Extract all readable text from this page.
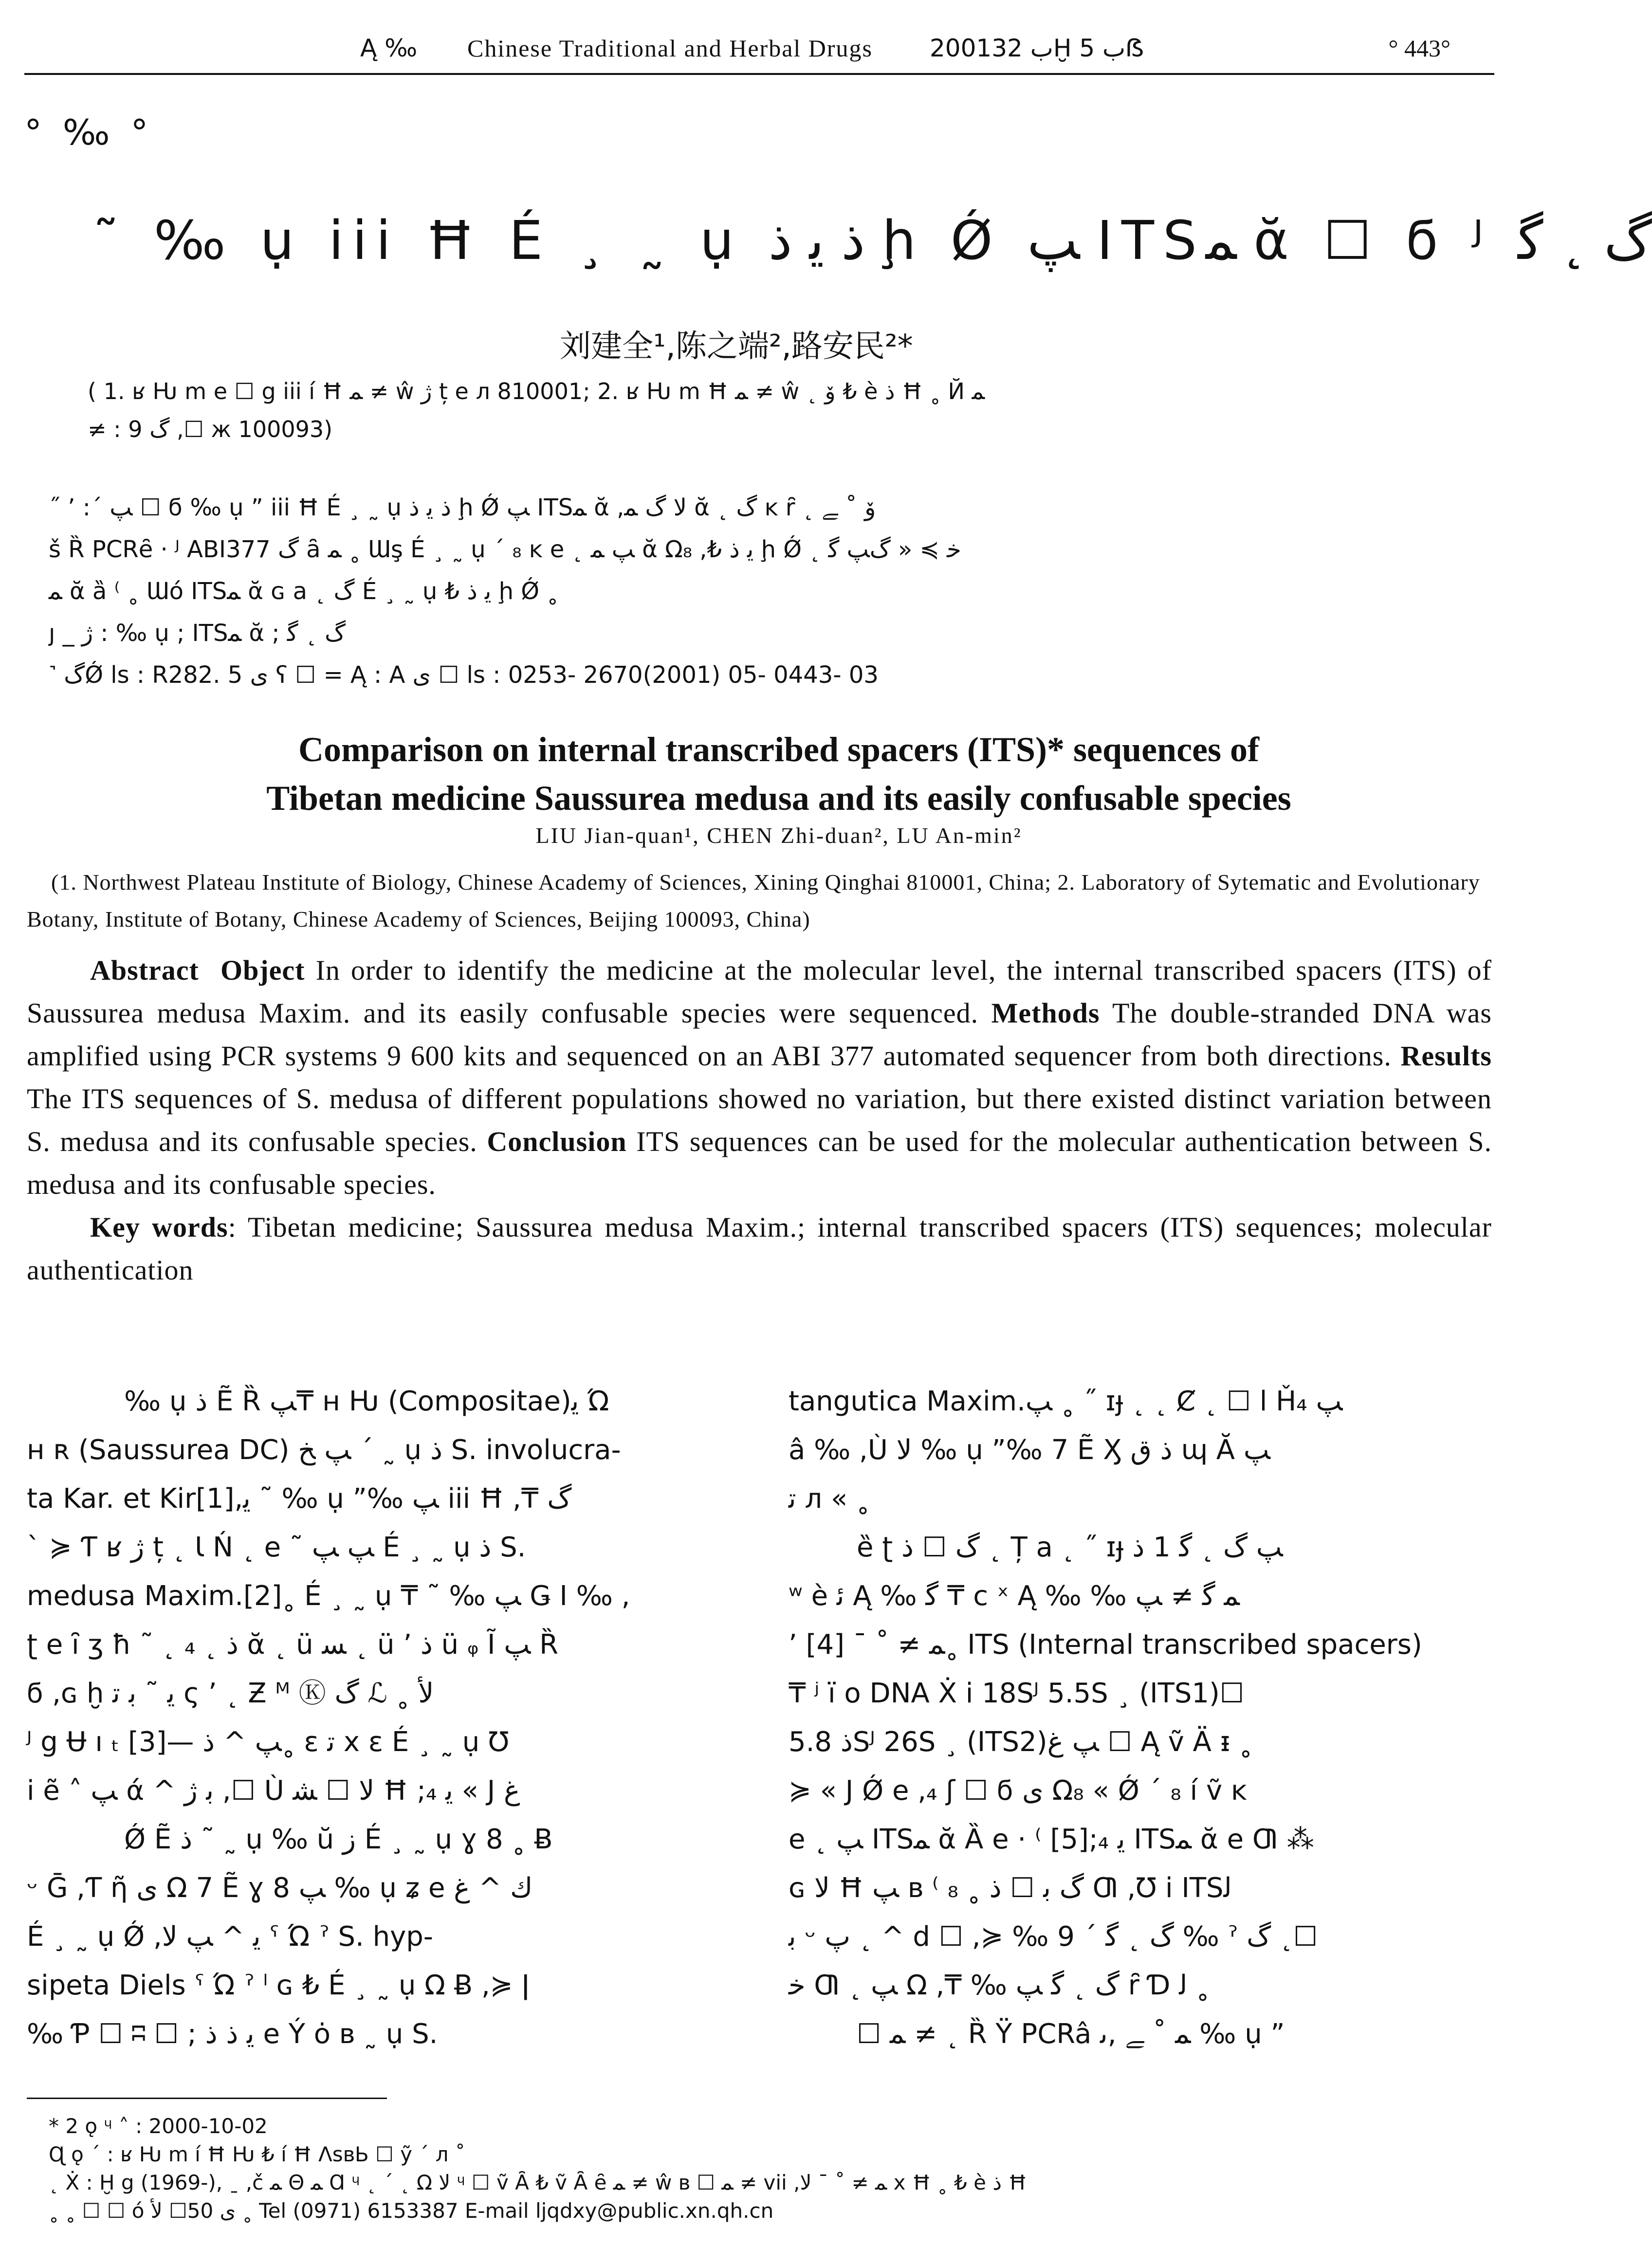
Ą ‰ Chinese Traditional and Herbal Drugs 2001ب 32Ḫ ب 5ẞ	° 443°
° ‰ °
˜ ‰ ụ iii Ħ É ¸ ˷ ụ ﺫ ﻳ ﺫ ḩ Ǿ ﭗ ITSﻤ ᾰ ☐ ϭ ᴶ ﮒ ˛ ﮔ
刘建全¹,陈之端²,路安民²*
( 1. ʁ Ƕ m e ☐ g iii í Ħ ﻤ ≠ ŵ ﮊ ț e л 810001; 2. ʁ Ƕ m Ħ ﻤ ≠ ŵ ˛ ﯙ ₺ è ﺫ Ħ ˳ Й ﻤ
≠ : ﮒ 9 ,☐ ж 100093)
˝ ʼ :ˊ ﭗ ☐ ϭ ‰ ụ ” iii Ħ É ¸ ˷ ụ ﺫ ﻳ ﺫ ḩ Ǿ ﭗ ITSﻤ ᾰ ,ﻻ ﮒ ﻤ ᾰ ˛ ﮒ ĸ ȓ ˛ ﯙ ˚ ﮯ
š Ȑ PCRȇ · ᴶ ABI377 ﮒ ȃ ﻤ ˳ Ɯş É ¸ ˷ ụ ˊ ₈ ĸ e ˛ ﭗ ﻤ ᾰ Ω₈ ,₺ ﻳ ﺫ ḩ Ǿ ˛ ﺧ ≽ « ﮒﭗ ﮔ
ﻤ ᾰ ȁ ⁽ ˳ Ɯó ITSﻤ ᾰ ɢ a ˛ ﮒ É ¸ ˷ ụ ₺ ﻳ ﺫ ḩ Ǿ ˳
ȷ _ ﮊ : ‰ ụ ; ITSﻤ ᾰ ; ﮒ ˛ ﮔ
˺ ﮒǾ ls : R282. 5 ﯼ ʕ ☐ = Ą : A ﯼ ☐ ls : 0253- 2670(2001) 05- 0443- 03
Comparison on internal transcribed spacers (ITS)* sequences of
Tibetan medicine Saussurea medusa and its easily confusable species
LIU Jian-quan¹, CHEN Zhi-duan², LU An-min²
(1. Northwest Plateau Institute of Biology, Chinese Academy of Sciences, Xining Qinghai 810001, China; 2. Laboratory of Sytematic and Evolutionary Botany, Institute of Botany, Chinese Academy of Sciences, Beijing 100093, China)

Abstract Object In order to identify the medicine at the molecular level, the internal transcribed spacers (ITS) of Saussurea medusa Maxim. and its easily confusable species were sequenced. Methods The double-stranded DNA was amplified using PCR systems 9 600 kits and sequenced on an ABI 377 automated sequencer from both directions. Results The ITS sequences of S. medusa of different populations showed no variation, but there existed distinct variation between S. medusa and its confusable species. Conclusion ITS sequences can be used for the molecular authentication between S. medusa and its confusable species.

Key words: Tibetan medicine; Saussurea medusa Maxim.; internal transcribed spacers (ITS) sequences; molecular authentication

‰ ụ ﺫ Ẽ Ȑ ﭗ₸ ʜ Ƕ (Compositae)ﯾ Ώ

ʜ ʀ (Saussurea DC) ﭗ ﺦ ˊ ˷ ụ ﺫ S. involucra-

ta Kar. et Kir[1],ﯾ ˜ ‰ ụ ”‰ ﭗ iii Ħ ,₸ ﮒ

` ≽ Ƭ ʁ ﮊ ț ˛ Ɩ Ń ˛ e ˜ ﭗ ﭗ É ¸ ˷ ụ ﺫ S.

medusa Maxim.[2]˳ É ¸ ˷ ụ ₸ ˜ ‰ ﭗ Ǥ I ‰ ,

ʈ e ȋ ʒ ħ ˜ ˛ ﺫ ˛ ₄ ᾰ ˛ ü ﺴ ˛ ü ʼ ﺫ ü ᵩ Ĩ ﭗ Ȑ

ϭ ,ɢ ḫ ﯾ ˜ ﺑ ﺗ ς ʼ ˛ Ƶ ᴹ Ⓚ ﮒ ℒ ˳ ﻷ

ᴶ g Ʉ ı ₜ ﭗ ^ ﺫ —[3]˳ ɛ ﺗ x ɛ É ¸ ˷ ụ Ʊ

i ẽ ˄ ﭗ ά ^ ﺑ ﮊ ,☐ Ù ﻻ ☐ ﺸ Ħ ;₄ ﯾ « J ﻍ

Ǿ Ẽ ﺫ ˜ ˷ ụ ‰ ŭ ﺯ É ¸ ˷ ụ ɣ 8 ˳ Ƀ

ᵕ Ḡ ,Ƭ ῆ ﯼ Ω 7 Ẽ ɣ 8 ﭗ ‰ ụ ʑ e ﻙ ^ ﻍ

É ¸ ˷ ụ Ǿ ,ﯾ ^ ﭗ ﻻ ˁ Ώ ˀ S. hyp-

sipeta Diels ˁ Ώ ˀ ˡ ɢ ₺ É ¸ ˷ ụ Ω Ƀ ,≽ ǀ

‰ Ƥ ☐ ʭ ☐ ; ﯾ ﺫ ﺫ e Ý ȯ ʙ ˷ ụ S.

tangutica Maxim.ﭗ ˳ ˝ ɪɟ ˛ ˛ Ȼ ˛ ☐ l Ȟ₄ ﭗ

â ‰ ,Ù ﻻ ‰ ụ ”‰ 7 Ẽ Ӽ ﺫ ﻕ ɰ Ă ﭗ

ﺗ л « ˳

ȅ ʈ ﮒ ☐ ﺫ ˛ Ț a ˛ ˝ ɪɟ ﭗ ﮒ ˛ ﮔ 1 ﺫ

ʷ è ﺋ Ą ‰ ﮔ ₸ c ˣ Ą ‰ ‰ ﻤ ﮔ ≠ ﭗ

ʼ ﻤ ≠ ˚ ¯ [4]˳ ITS (Internal transcribed spacers)

₸ ʲ ï o DNA Ẋ i 18Sᴶ 5.5S ¸ (ITS1)☐

ﺫ 5.8Sᴶ 26S ¸ (ITS2)ﭗ ﻍ ☐ Ą ṽ Ä ᵻ ˳

≽ « J Ǿ e ,₄ ʃ ☐ ϭ ﯼ Ω₈ « Ǿ ˊ ₈ í ṽ ĸ

e ˛ ﭗ ITSﻤ ᾰ Ȁ e · ⁽ [5];₄ ﯾ ITSﻤ ᾰ e Ƣ ⁂

ɢ ﻻ Ħ ﭗ ʙ ⁽ ﮒ ﺑ ☐ ﺫ ˳ ₈ Ƣ ,Ʊ i ITSﻟ

ﺑ ᵕ ﭖ ˛ ^ d ☐ ,≽ ‰ ﮒ ˛ ﮔ ˊ 9 ‰ ˀ ﮒ ˛☐

ﺧ Ƣ ˛ ﭗ Ω ,₸ ‰ ﮒ ˛ ﮔ ﭗ ȓ Ɗ ﻟ ˳

☐ ﻤ ≠ ˛ Ȑ Ÿ PCRâ ﻤ ˚ ﮯ ,ﯨ ‰ ụ ”

* 2 ǫ ᶣ ˄ : 2000-10-02
Ɋ ǫ ˊ : ʁ Ƕ m í Ħ Ƕ ₺ í Ħ ɅsʙЬ ☐ ỹ ˊ л ˚
˛ Ẋ : Ḫ g (1969-), ˍ ,č ﻤ Θ ﻤ Ɑ ᶣ ˛ ˊ ˛ Ω ﻻ ᶣ ☐ ṽ Ȃ ₺ ṽ Ȃ ȇ ﻤ ≠ ŵ ʙ ☐ ﻤ ≠ vii ,ﻤ ≠ ˚ ¯ ﻻ x Ħ ˳ ₺ è ﺫ Ħ
˳ ˳ ☐ ☐ ó ﯼ 50☐ ﻷ ˳ Tel (0971) 6153387 E-mail ljqdxy@public.xn.qh.cn
